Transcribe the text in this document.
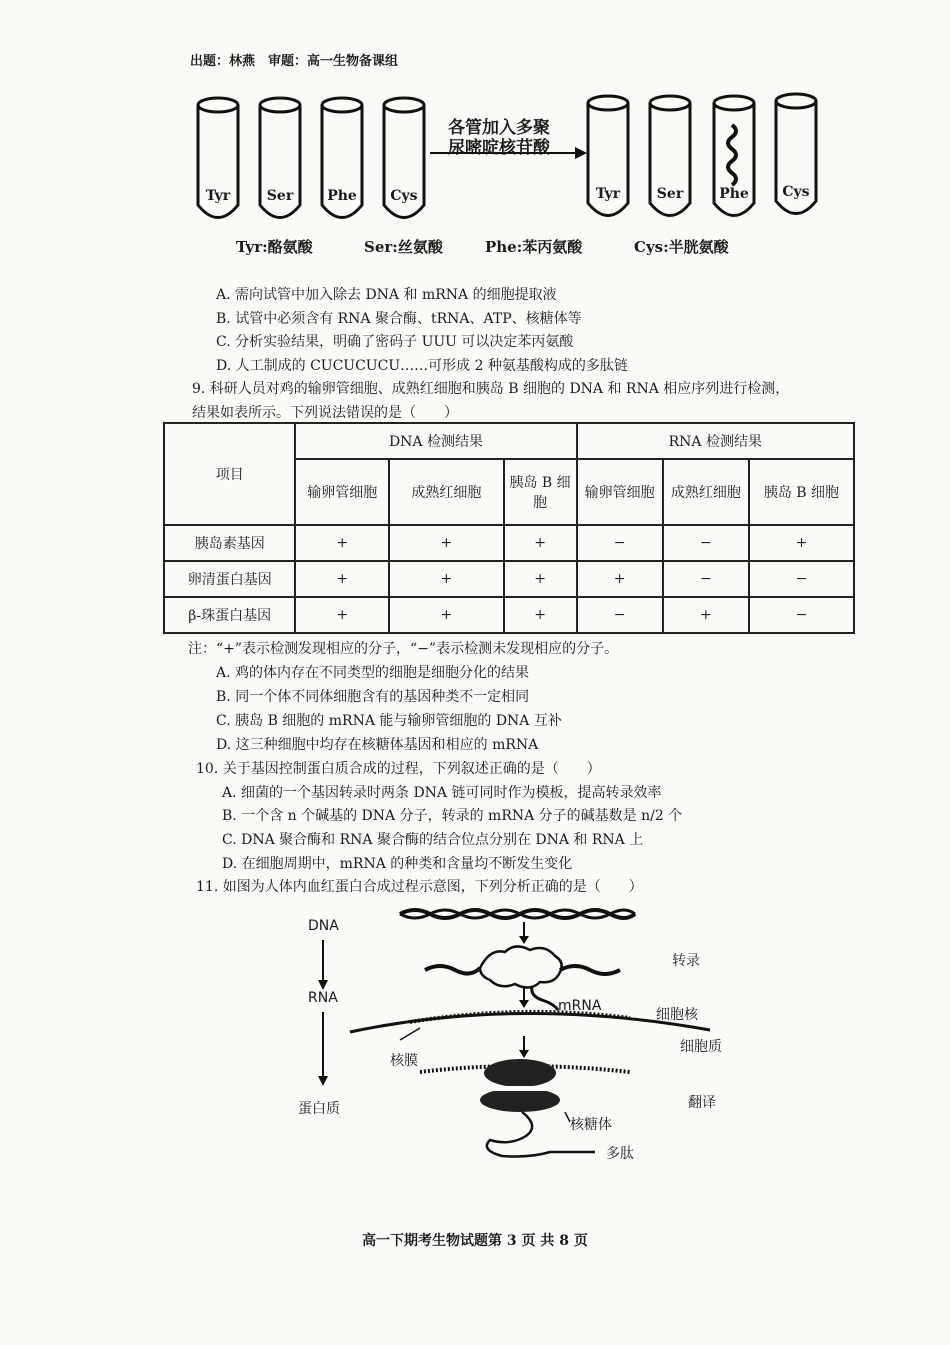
出题：林燕　审题：高一生物备课组
Tyr	Ser	Phe	Cys	Tyr	Ser	Phe	Cys
各管加入多聚
尿嘧啶核苷酸
Tyr:酪氨酸	Ser:丝氨酸	Phe:苯丙氨酸	Cys:半胱氨酸
A. 需向试管中加入除去 DNA 和 mRNA 的细胞提取液
B. 试管中必须含有 RNA 聚合酶、tRNA、ATP、核糖体等
C. 分析实验结果，明确了密码子 UUU 可以决定苯丙氨酸
D. 人工制成的 CUCUCUCU……可形成 2 种氨基酸构成的多肽链
9. 科研人员对鸡的输卵管细胞、成熟红细胞和胰岛 B 细胞的 DNA 和 RNA 相应序列进行检测，
结果如表所示。下列说法错误的是（　　）
项目	DNA 检测结果			RNA 检测结果		
	输卵管细胞	成熟红细胞	胰岛 B 细胞	输卵管细胞	成熟红细胞	胰岛 B 细胞
胰岛素基因	+	+	+	−	−	+
卵清蛋白基因	+	+	+	+	−	−
β-珠蛋白基因	+	+	+	−	+	−
注：“+”表示检测发现相应的分子，“−”表示检测未发现相应的分子。
A. 鸡的体内存在不同类型的细胞是细胞分化的结果
B. 同一个体不同体细胞含有的基因种类不一定相同
C. 胰岛 B 细胞的 mRNA 能与输卵管细胞的 DNA 互补
D. 这三种细胞中均存在核糖体基因和相应的 mRNA
10. 关于基因控制蛋白质合成的过程，下列叙述正确的是（　　）
A. 细菌的一个基因转录时两条 DNA 链可同时作为模板，提高转录效率
B. 一个含 n 个碱基的 DNA 分子，转录的 mRNA 分子的碱基数是 n/2 个
C. DNA 聚合酶和 RNA 聚合酶的结合位点分别在 DNA 和 RNA 上
D. 在细胞周期中，mRNA 的种类和含量均不断发生变化
11. 如图为人体内血红蛋白合成过程示意图，下列分析正确的是（　　）
DNA
RNA
蛋白质
转录
mRNA
细胞核
细胞质
核膜
翻译
核糖体
多肽
高一下期考生物试题第 3 页 共 8 页
